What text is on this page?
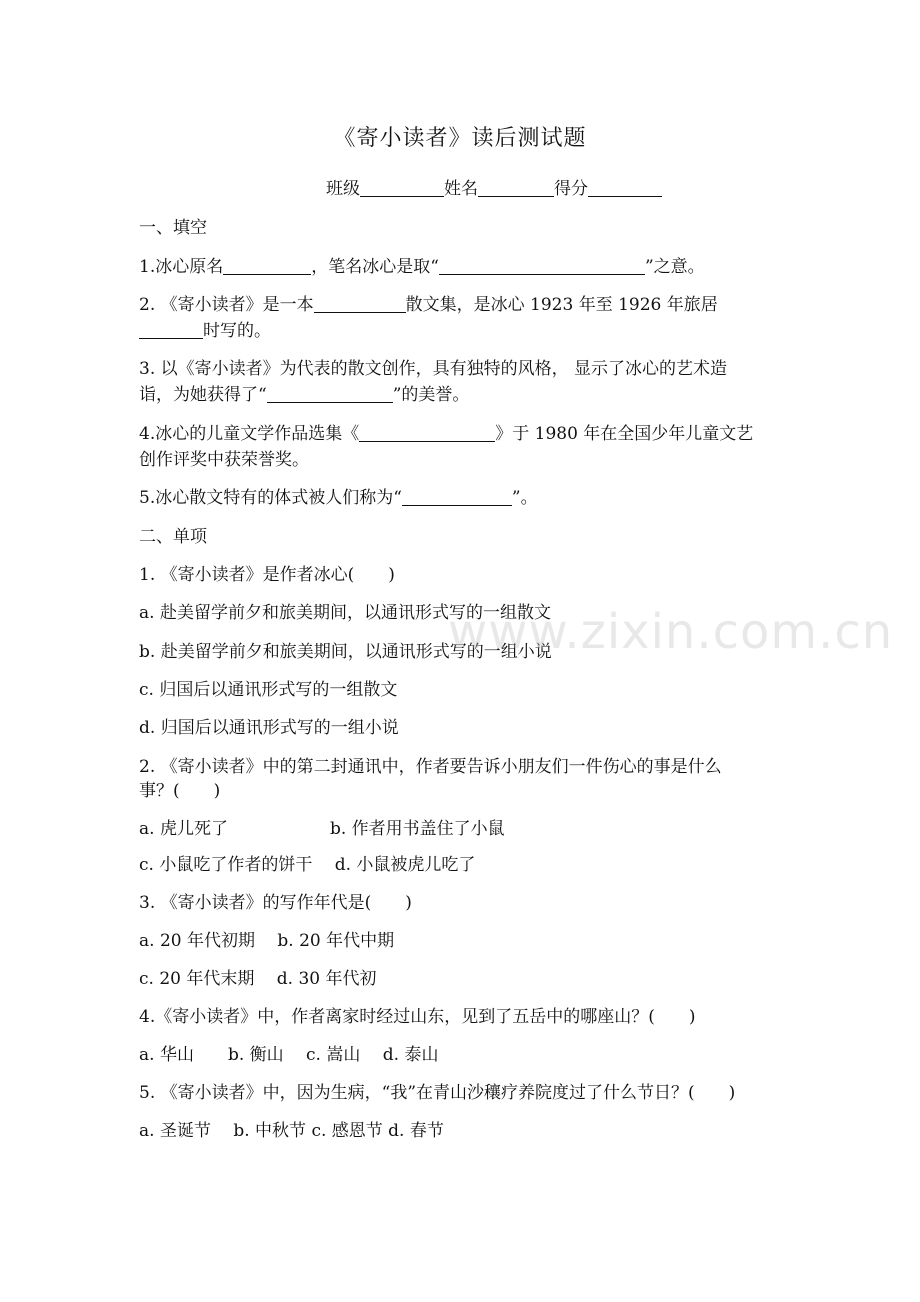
《寄小读者》读后测试题
班级	姓名	得分
一、填空
1.冰心原名	，笔名冰心是取“	”之意。
2. 《寄小读者》是一本	散文集，是冰心 1923 年至 1926 年旅居
时写的。
3. 以《寄小读者》为代表的散文创作，具有独特的风格， 显示了冰心的艺术造
诣，为她获得了“	”的美誉。
4.冰心的儿童文学作品选集《	》于 1980 年在全国少年儿童文艺
创作评奖中获荣誉奖。
5.冰心散文特有的体式被人们称为“	”。
二、单项
1. 《寄小读者》是作者冰心(　　)
a. 赴美留学前夕和旅美期间，以通讯形式写的一组散文
b. 赴美留学前夕和旅美期间，以通讯形式写的一组小说
c. 归国后以通讯形式写的一组散文
d. 归国后以通讯形式写的一组小说
2. 《寄小读者》中的第二封通讯中，作者要告诉小朋友们一件伤心的事是什么
事？(　　)
a. 虎儿死了　　　　　　b. 作者用书盖住了小鼠
c. 小鼠吃了作者的饼干　 d. 小鼠被虎儿吃了
3. 《寄小读者》的写作年代是(　　)
a. 20 年代初期　 b. 20 年代中期
c. 20 年代末期　 d. 30 年代初
4.《寄小读者》中，作者离家时经过山东，见到了五岳中的哪座山？(　　)
a. 华山　　b. 衡山　 c. 嵩山　 d. 泰山
5. 《寄小读者》中，因为生病，“我”在青山沙穰疗养院度过了什么节日？(　　)
a. 圣诞节　 b. 中秋节 c. 感恩节 d. 春节
www.zixin.com.cn
